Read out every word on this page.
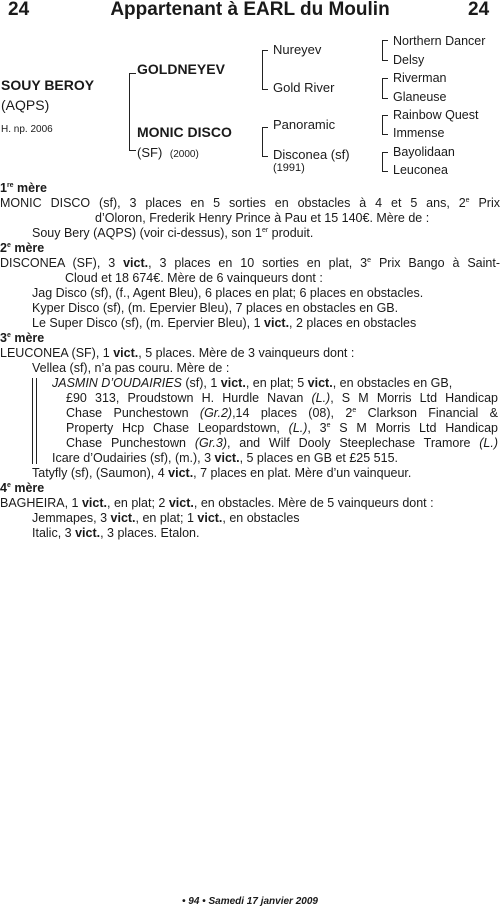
24	Appartenant à EARL du Moulin	24
SOUY BEROY
(AQPS)
H. np. 2006
GOLDNEYEV
MONIC DISCO
(SF) (2000)
Nureyev
Gold River
Panoramic
Disconea (sf)
(1991)
Northern Dancer
Delsy
Riverman
Glaneuse
Rainbow Quest
Immense
Bayolidaan
Leuconea

1re mère

MONIC DISCO (sf), 3 places en 5 sorties en obstacles à 4 et 5 ans, 2e Prix

d’Oloron, Frederik Henry Prince à Pau et 15 140€. Mère de :

Souy Bery (AQPS) (voir ci-dessus), son 1er produit.

2e mère

DISCONEA (SF), 3 vict., 3 places en 10 sorties en plat, 3e Prix Bango à Saint-

Cloud et 18 674€. Mère de 6 vainqueurs dont :

Jag Disco (sf), (f., Agent Bleu), 6 places en plat; 6 places en obstacles.

Kyper Disco (sf), (m. Epervier Bleu), 7 places en obstacles en GB.

Le Super Disco (sf), (m. Epervier Bleu), 1 vict., 2 places en obstacles

3e mère

LEUCONEA (SF), 1 vict., 5 places. Mère de 3 vainqueurs dont :

Vellea (sf), n’a pas couru. Mère de :

JASMIN D’OUDAIRIES (sf), 1 vict., en plat; 5 vict., en obstacles en GB,

£90 313, Proudstown H. Hurdle Navan (L.), S M Morris Ltd Handicap

Chase Punchestown (Gr.2),14 places (08), 2e Clarkson Financial &

Property Hcp Chase Leopardstown, (L.), 3e S M Morris Ltd Handicap

Chase Punchestown (Gr.3), and Wilf Dooly Steeplechase Tramore (L.)

Icare d’Oudairies (sf), (m.), 3 vict., 5 places en GB et £25 515.

Tatyfly (sf), (Saumon), 4 vict., 7 places en plat. Mère d’un vainqueur.

4e mère

BAGHEIRA, 1 vict., en plat; 2 vict., en obstacles. Mère de 5 vainqueurs dont :

Jemmapes, 3 vict., en plat; 1 vict., en obstacles

Italic, 3 vict., 3 places. Etalon.

• 94 • Samedi 17 janvier 2009
